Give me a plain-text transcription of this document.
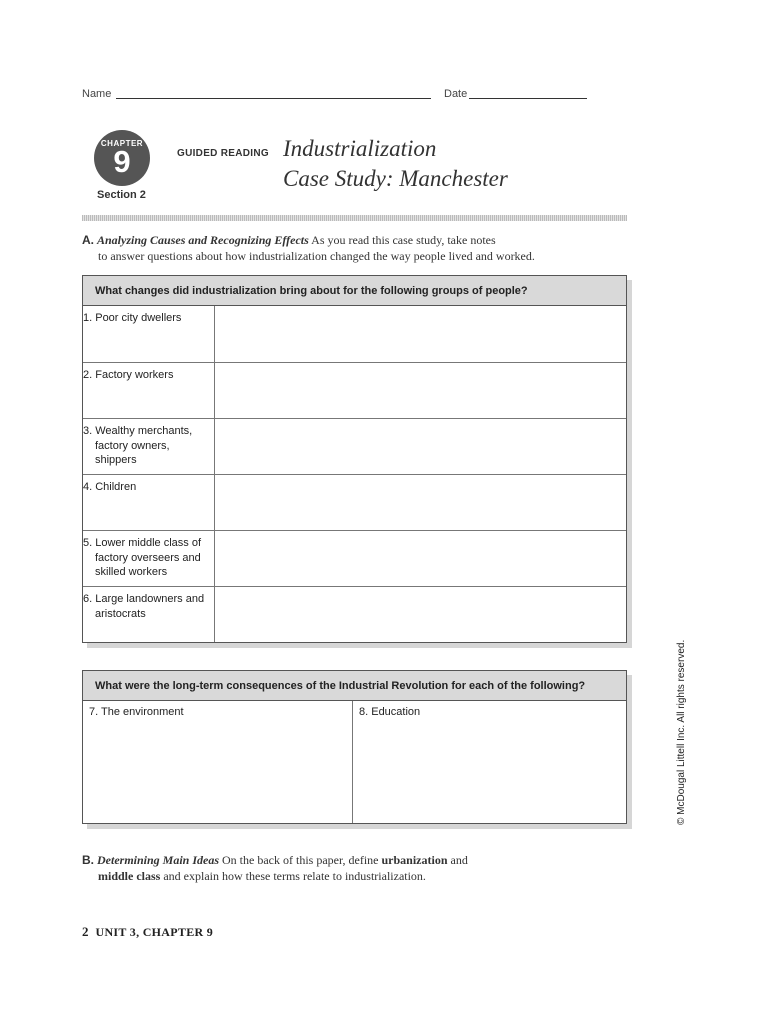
Name	Date
CHAPTER
9
Section 2
GUIDED READING Industrialization
Case Study: Manchester
A. Analyzing Causes and Recognizing Effects As you read this case study, take notes
to answer questions about how industrialization changed the way people lived and worked.
What changes did industrialization bring about for the following groups of people?
1. Poor city dwellers
2. Factory workers
3. Wealthy merchants, factory owners, shippers
4. Children
5. Lower middle class of factory overseers and skilled workers
6. Large landowners and aristocrats
What were the long-term consequences of the Industrial Revolution for each of the following?
7. The environment	8. Education
B. Determining Main Ideas On the back of this paper, define urbanization and
middle class and explain how these terms relate to industrialization.
© McDougal Littell Inc. All rights reserved.
2 UNIT 3, CHAPTER 9
